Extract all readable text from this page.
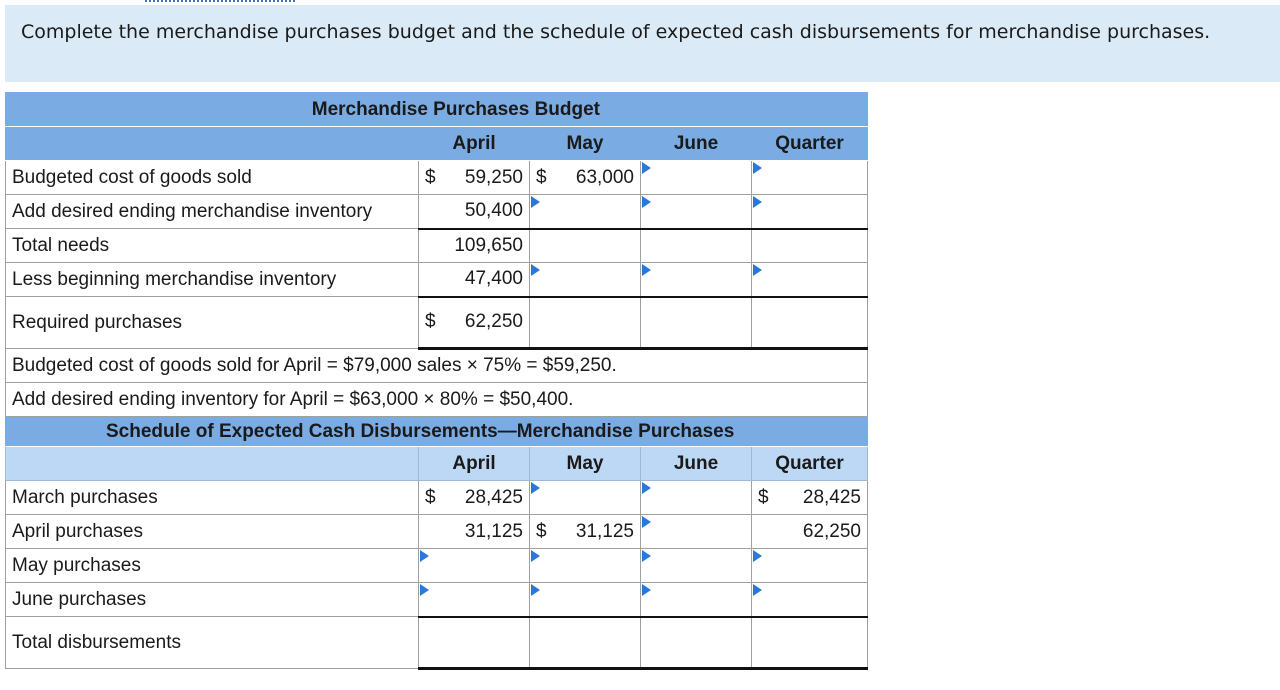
Complete the merchandise purchases budget and the schedule of expected cash disbursements for merchandise purchases.
Merchandise Purchases Budget				
	April	May	June	Quarter
Budgeted cost of goods sold	$ 59,250	$ 63,000		

Add desired ending merchandise inventory	50,400	

Total needs	109,650			
Less beginning merchandise inventory	47,400	

Required purchases	$ 62,250			

Budgeted cost of goods sold for April = $79,000 sales × 75% = $59,250.				
Add desired ending inventory for April = $63,000 × 80% = $50,400.				
Schedule of Expected Cash Disbursements—Merchandise Purchases				
	April	May	June	Quarter
March purchases	$ 28,425			$ 28,425

April purchases	31,125	$ 31,125		62,250
May purchases	

June purchases	

Total disbursements				
